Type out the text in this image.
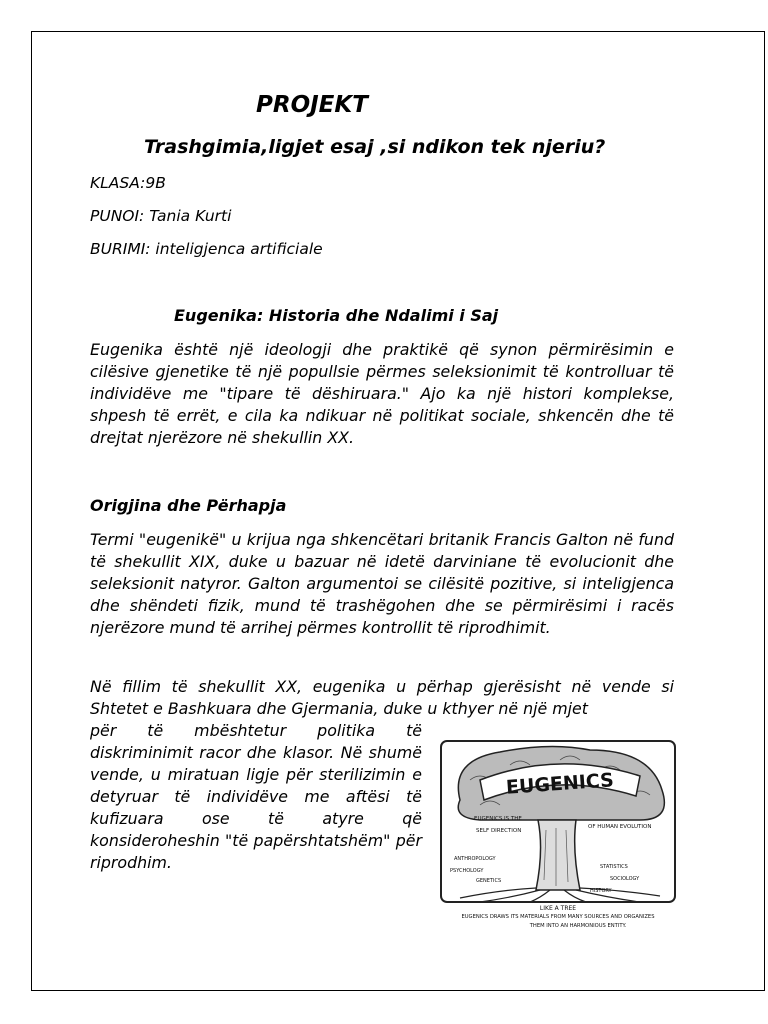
PROJEKT
Trashgimia,ligjet esaj ,si ndikon tek njeriu?

KLASA:9B

PUNOI: Tania Kurti

BURIMI: inteligjenca artificiale

Eugenika: Historia dhe Ndalimi i Saj

Eugenika është një ideologji dhe praktikë që synon përmirësimin e cilësive gjenetike të një popullsie përmes seleksionimit të kontrolluar të individëve me "tipare të dëshiruara." Ajo ka një histori komplekse, shpesh të errët, e cila ka ndikuar në politikat sociale, shkencën dhe të drejtat njerëzore në shekullin XX.

Origjina dhe Përhapja

Termi "eugenikë" u krijua nga shkencëtari britanik Francis Galton në fund të shekullit XIX, duke u bazuar në idetë darviniane të evolucionit dhe seleksionit natyror. Galton argumentoi se cilësitë pozitive, si inteligjenca dhe shëndeti fizik, mund të trashëgohen dhe se përmirësimi i racës njerëzore mund të arrihej përmes kontrollit të riprodhimit.

Në fillim të shekullit XX, eugenika u përhap gjerësisht në vende si Shtetet e Bashkuara dhe Gjermania, duke u kthyer në një mjet

për të mbështetur politika të diskriminimit racor dhe klasor. Në shumë vende, u miratuan ligje për sterilizimin e detyruar të individëve me aftësi të kufizuara ose të atyre që konsideroheshin "të papërshtatshëm" për riprodhim.

EUGENICS
ANTHROPOLOGY
PSYCHOLOGY
GENETICS
STATISTICS
SOCIOLOGY
HISTORY
EUGENICS IS THE
SELF DIRECTION
OF HUMAN EVOLUTION
LIKE A TREE
EUGENICS DRAWS ITS MATERIALS FROM MANY SOURCES AND ORGANIZES
THEM INTO AN HARMONIOUS ENTITY.
